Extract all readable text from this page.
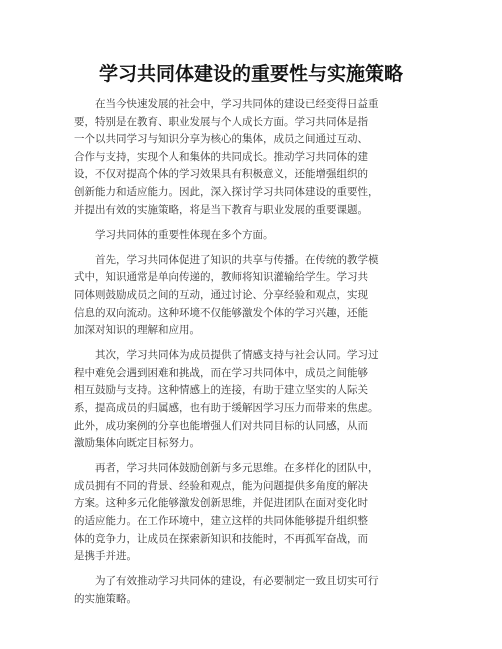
学习共同体建设的重要性与实施策略

在当今快速发展的社会中，学习共同体的建设已经变得日益重
要，特别是在教育、职业发展与个人成长方面。学习共同体是指
一个以共同学习与知识分享为核心的集体，成员之间通过互动、
合作与支持，实现个人和集体的共同成长。推动学习共同体的建
设，不仅对提高个体的学习效果具有积极意义，还能增强组织的
创新能力和适应能力。因此，深入探讨学习共同体建设的重要性，
并提出有效的实施策略，将是当下教育与职业发展的重要课题。

学习共同体的重要性体现在多个方面。

首先，学习共同体促进了知识的共享与传播。在传统的教学模
式中，知识通常是单向传递的，教师将知识灌输给学生。学习共
同体则鼓励成员之间的互动，通过讨论、分享经验和观点，实现
信息的双向流动。这种环境不仅能够激发个体的学习兴趣，还能
加深对知识的理解和应用。

其次，学习共同体为成员提供了情感支持与社会认同。学习过
程中难免会遇到困难和挑战，而在学习共同体中，成员之间能够
相互鼓励与支持。这种情感上的连接，有助于建立坚实的人际关
系，提高成员的归属感，也有助于缓解因学习压力而带来的焦虑。
此外，成功案例的分享也能增强人们对共同目标的认同感，从而
激励集体向既定目标努力。

再者，学习共同体鼓励创新与多元思维。在多样化的团队中，
成员拥有不同的背景、经验和观点，能为问题提供多角度的解决
方案。这种多元化能够激发创新思维，并促进团队在面对变化时
的适应能力。在工作环境中，建立这样的共同体能够提升组织整
体的竞争力，让成员在探索新知识和技能时，不再孤军奋战，而
是携手并进。

为了有效推动学习共同体的建设，有必要制定一致且切实可行
的实施策略。
